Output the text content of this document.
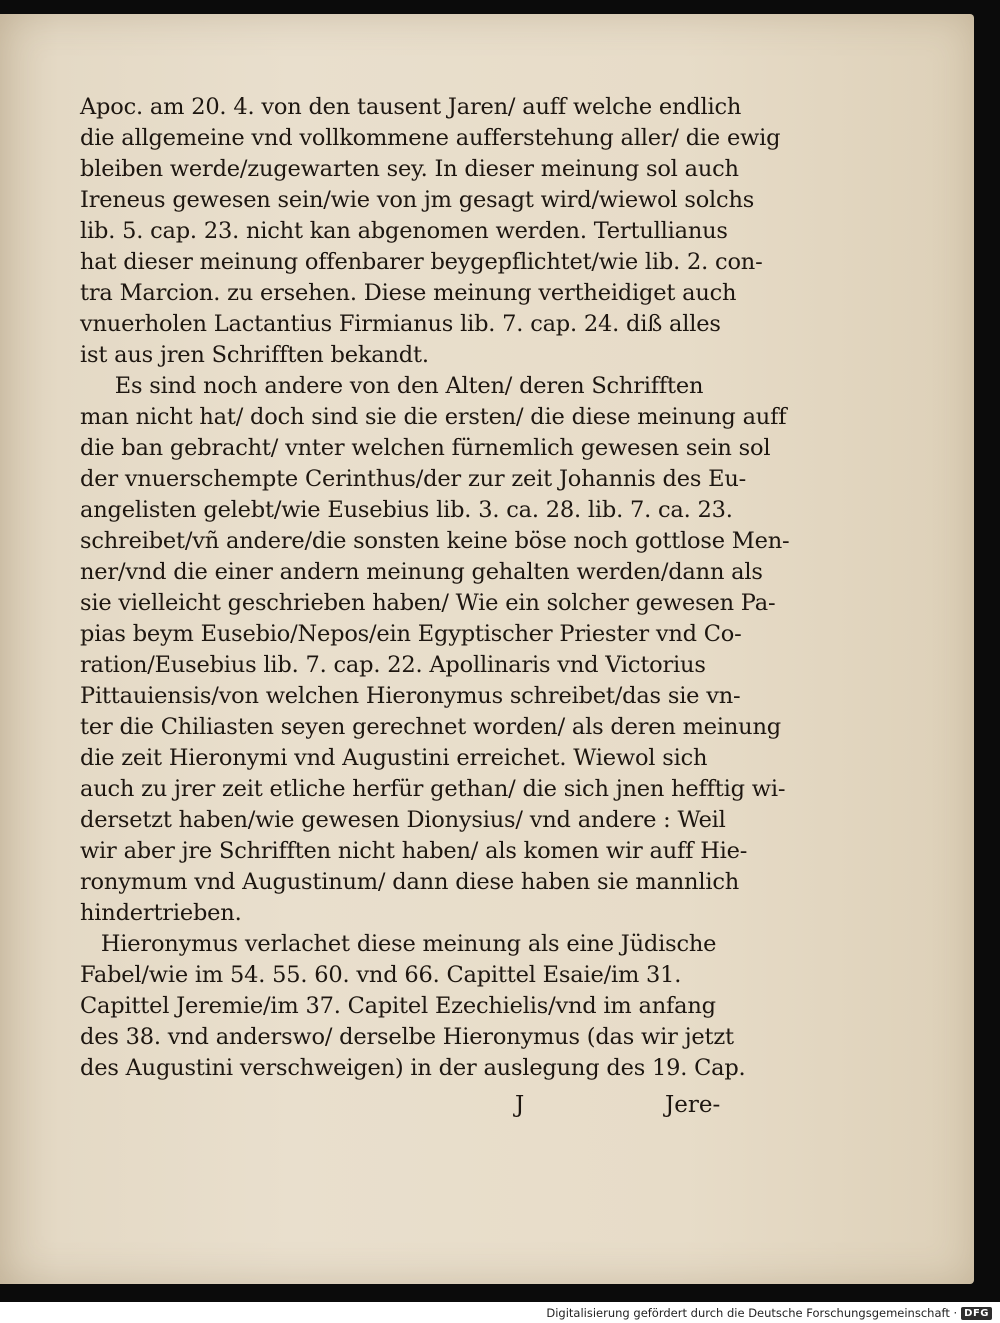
Apoc. am 20. 4. von den tausent Jaren/ auff welche endlich
die allgemeine vnd vollkommene aufferstehung aller/ die ewig
bleiben werde/zugewarten sey. In dieser meinung sol auch
Ireneus gewesen sein/wie von jm gesagt wird/wiewol solchs
lib. 5. cap. 23. nicht kan abgenomen werden. Tertullianus
hat dieser meinung offenbarer beygepflichtet/wie lib. 2. con-
tra Marcion. zu ersehen. Diese meinung vertheidiget auch
vnuerholen Lactantius Firmianus lib. 7. cap. 24. diß alles
ist aus jren Schrifften bekandt.
Es sind noch andere von den Alten/ deren Schrifften
man nicht hat/ doch sind sie die ersten/ die diese meinung auff
die ban gebracht/ vnter welchen fürnemlich gewesen sein sol
der vnuerschempte Cerinthus/der zur zeit Johannis des Eu-
angelisten gelebt/wie Eusebius lib. 3. ca. 28. lib. 7. ca. 23.
schreibet/vñ andere/die sonsten keine böse noch gottlose Men-
ner/vnd die einer andern meinung gehalten werden/dann als
sie vielleicht geschrieben haben/ Wie ein solcher gewesen Pa-
pias beym Eusebio/Nepos/ein Egyptischer Priester vnd Co-
ration/Eusebius lib. 7. cap. 22. Apollinaris vnd Victorius
Pittauiensis/von welchen Hieronymus schreibet/das sie vn-
ter die Chiliasten seyen gerechnet worden/ als deren meinung
die zeit Hieronymi vnd Augustini erreichet. Wiewol sich
auch zu jrer zeit etliche herfür gethan/ die sich jnen hefftig wi-
dersetzt haben/wie gewesen Dionysius/ vnd andere : Weil
wir aber jre Schrifften nicht haben/ als komen wir auff Hie-
ronymum vnd Augustinum/ dann diese haben sie mannlich
hindertrieben.
Hieronymus verlachet diese meinung als eine Jüdische
Fabel/wie im 54. 55. 60. vnd 66. Capittel Esaie/im 31.
Capittel Jeremie/im 37. Capitel Ezechielis/vnd im anfang
des 38. vnd anderswo/ derselbe Hieronymus (das wir jetzt
des Augustini verschweigen) in der auslegung des 19. Cap.
J	Jere-
Digitalisierung gefördert durch die Deutsche Forschungsgemeinschaft · DFG
